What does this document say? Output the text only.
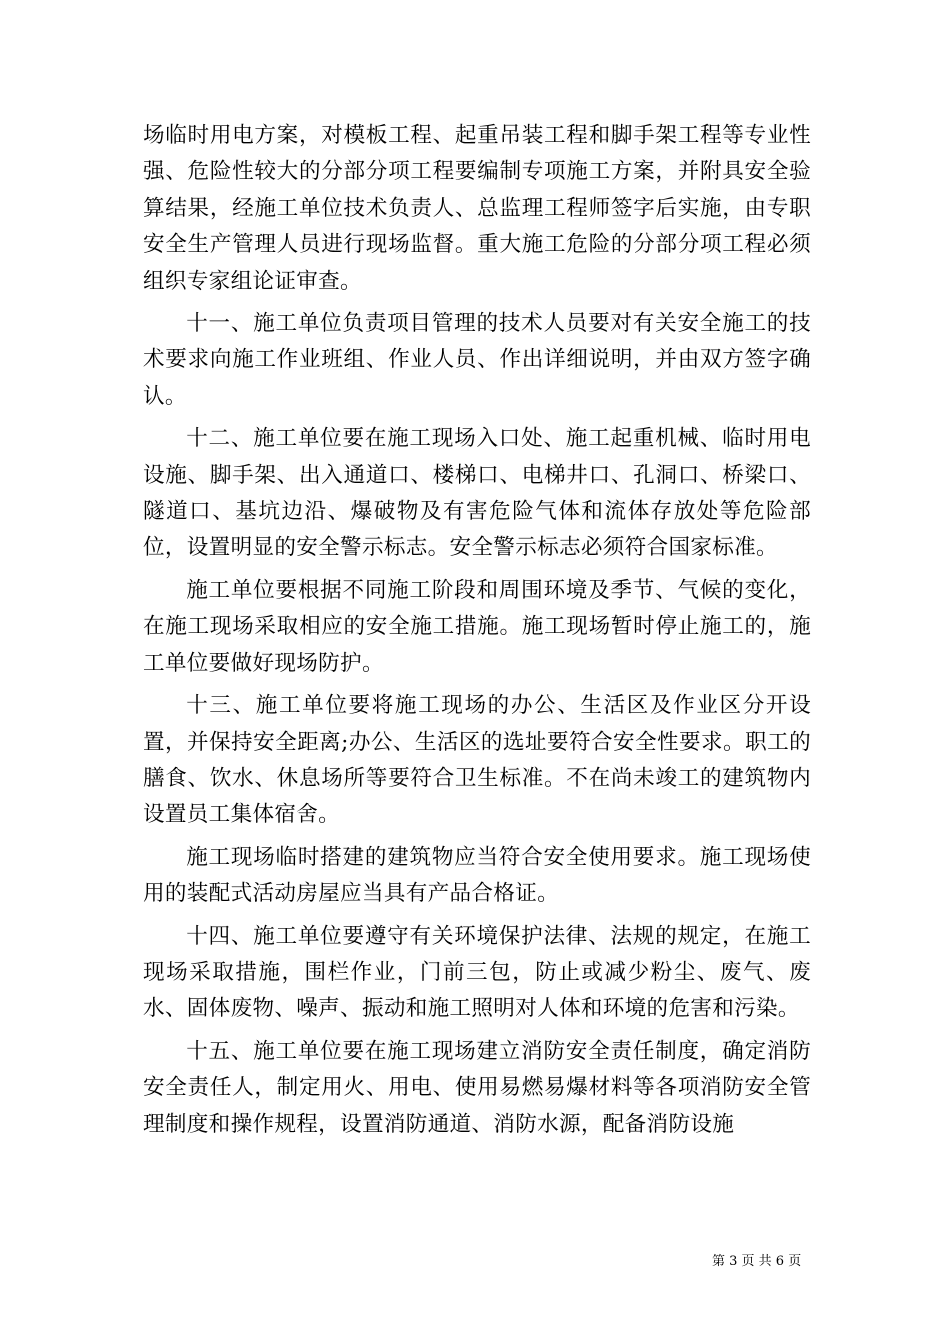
场临时用电方案，对模板工程、起重吊装工程和脚手架工程等专业性强、危险性较大的分部分项工程要编制专项施工方案，并附具安全验算结果，经施工单位技术负责人、总监理工程师签字后实施，由专职安全生产管理人员进行现场监督。重大施工危险的分部分项工程必须组织专家组论证审查。

十一、施工单位负责项目管理的技术人员要对有关安全施工的技术要求向施工作业班组、作业人员、作出详细说明，并由双方签字确认。

十二、施工单位要在施工现场入口处、施工起重机械、临时用电设施、脚手架、出入通道口、楼梯口、电梯井口、孔洞口、桥梁口、隧道口、基坑边沿、爆破物及有害危险气体和流体存放处等危险部位，设置明显的安全警示标志。安全警示标志必须符合国家标准。

施工单位要根据不同施工阶段和周围环境及季节、气候的变化，在施工现场采取相应的安全施工措施。施工现场暂时停止施工的，施工单位要做好现场防护。

十三、施工单位要将施工现场的办公、生活区及作业区分开设置，并保持安全距离;办公、生活区的选址要符合安全性要求。职工的膳食、饮水、休息场所等要符合卫生标准。不在尚未竣工的建筑物内设置员工集体宿舍。

施工现场临时搭建的建筑物应当符合安全使用要求。施工现场使用的装配式活动房屋应当具有产品合格证。

十四、施工单位要遵守有关环境保护法律、法规的规定，在施工现场采取措施，围栏作业，门前三包，防止或减少粉尘、废气、废水、固体废物、噪声、振动和施工照明对人体和环境的危害和污染。

十五、施工单位要在施工现场建立消防安全责任制度，确定消防安全责任人，制定用火、用电、使用易燃易爆材料等各项消防安全管理制度和操作规程，设置消防通道、消防水源，配备消防设施

第 3 页 共 6 页
